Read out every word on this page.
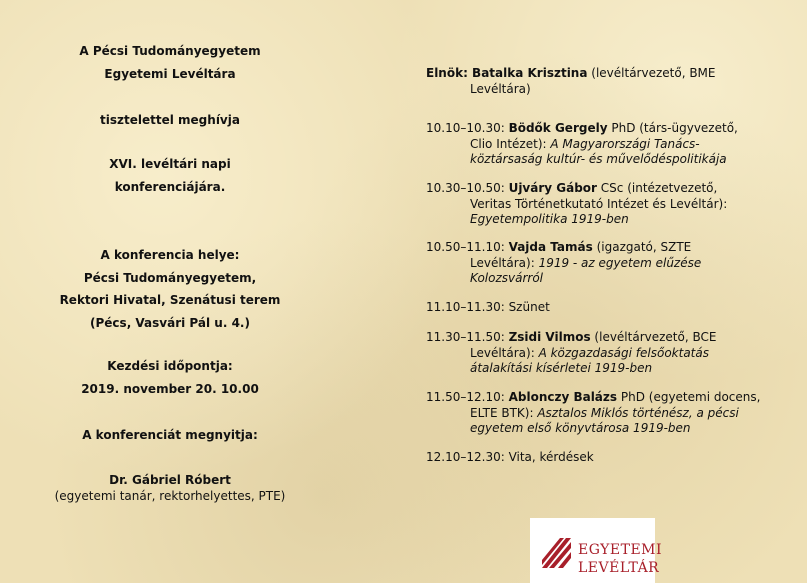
A Pécsi Tudományegyetem
Egyetemi Levéltára
tisztelettel meghívja
XVI. levéltári napi
konferenciájára.
A konferencia helye:
Pécsi Tudományegyetem,
Rektori Hivatal, Szenátusi terem
(Pécs, Vasvári Pál u. 4.)
Kezdési időpontja:
2019. november 20. 10.00
A konferenciát megnyitja:
Dr. Gábriel Róbert
(egyetemi tanár, rektorhelyettes, PTE)
Elnök: Batalka Krisztina (levéltárvezető, BME
Levéltára)
10.10–10.30: Bödők Gergely PhD (társ-ügyvezető,
Clio Intézet): A Magyarországi Tanács-
köztársaság kultúr- és művelődéspolitikája
10.30–10.50: Ujváry Gábor CSc (intézetvezető,
Veritas Történetkutató Intézet és Levéltár):
Egyetempolitika 1919-ben
10.50–11.10: Vajda Tamás (igazgató, SZTE
Levéltára): 1919 - az egyetem elűzése
Kolozsvárról
11.10–11.30: Szünet
11.30–11.50: Zsidi Vilmos (levéltárvezető, BCE
Levéltára): A közgazdasági felsőoktatás
átalakítási kísérletei 1919-ben
11.50–12.10: Ablonczy Balázs PhD (egyetemi docens,
ELTE BTK): Asztalos Miklós történész, a pécsi
egyetem első könyvtárosa 1919-ben
12.10–12.30: Vita, kérdések
EGYETEMI
LEVÉLTÁR
